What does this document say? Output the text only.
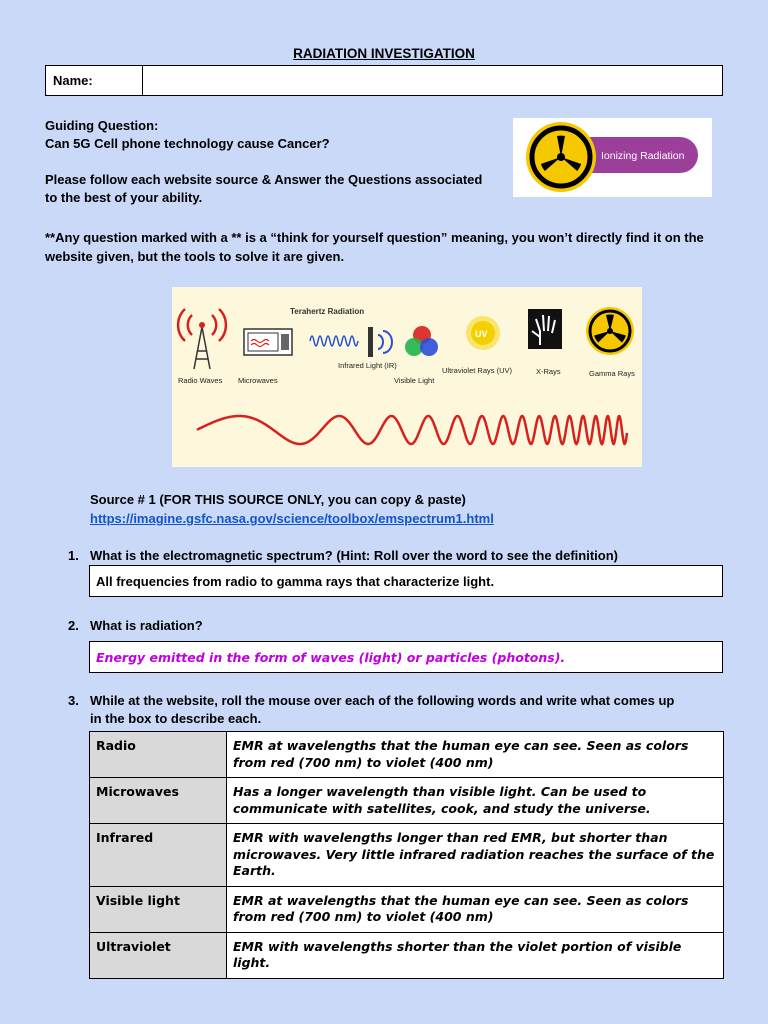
RADIATION INVESTIGATION
Name:

Guiding Question:

Can 5G Cell phone technology cause Cancer?

Please follow each website source & Answer the Questions associated to the best of your ability.

**Any question marked with a ** is a “think for yourself question” meaning, you won’t directly find it on the website given, but the tools to solve it are given.
Ionizing Radiation
Terahertz Radiation
UV
Radio Waves Microwaves
Infrared Light (IR)
Visible Light
Ultraviolet Rays (UV)	X-Rays	Gamma Rays
Source # 1 (FOR THIS SOURCE ONLY, you can copy & paste)
https://imagine.gsfc.nasa.gov/science/toolbox/emspectrum1.html
1. What is the electromagnetic spectrum? (Hint: Roll over the word to see the definition)
All frequencies from radio to gamma rays that characterize light.
2. What is radiation?
Energy emitted in the form of waves (light) or particles (photons).
3. While at the website, roll the mouse over each of the following words and write what comes up
in the box to describe each.
Radio	EMR at wavelengths that the human eye can see. Seen as colors from red (700 nm) to violet (400 nm)
Microwaves	Has a longer wavelength than visible light. Can be used to communicate with satellites, cook, and study the universe.
Infrared	EMR with wavelengths longer than red EMR, but shorter than microwaves. Very little infrared radiation reaches the surface of the Earth.
Visible light	EMR at wavelengths that the human eye can see. Seen as colors from red (700 nm) to violet (400 nm)
Ultraviolet	EMR with wavelengths shorter than the violet portion of visible light.
